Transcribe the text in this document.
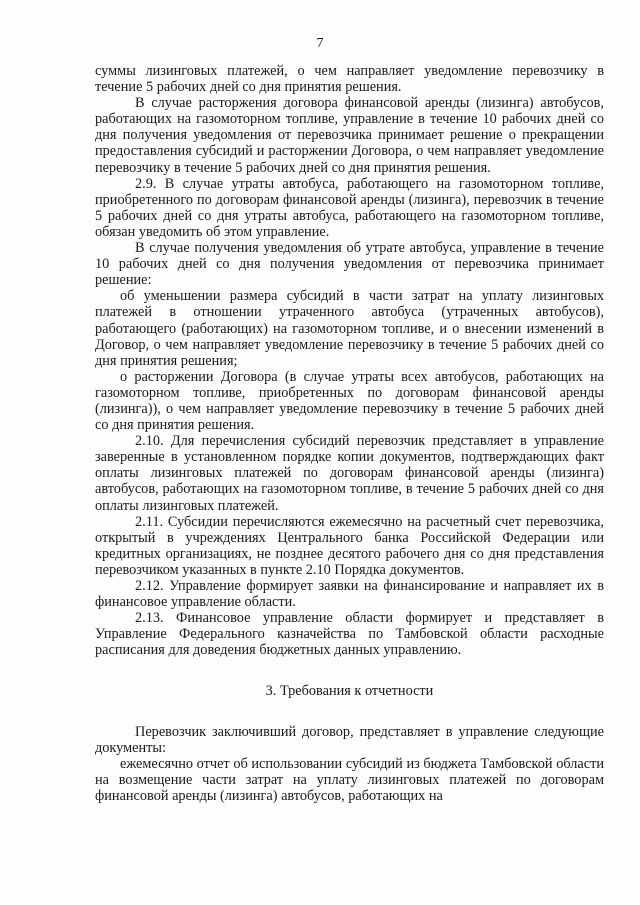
7

суммы лизинговых платежей, о чем направляет уведомление перевозчику в течение 5 рабочих дней со дня принятия решения.

В случае расторжения договора финансовой аренды (лизинга) автобусов, работающих на газомоторном топливе, управление в течение 10 рабочих дней со дня получения уведомления от перевозчика принимает решение о прекращении предоставления субсидий и расторжении Договора, о чем направляет уведомление перевозчику в течение 5 рабочих дней со дня принятия решения.

2.9. В случае утраты автобуса, работающего на газомоторном топливе, приобретенного по договорам финансовой аренды (лизинга), перевозчик в течение 5 рабочих дней со дня утраты автобуса, работающего на газомоторном топливе, обязан уведомить об этом управление.

В случае получения уведомления об утрате автобуса, управление в течение 10 рабочих дней со дня получения уведомления от перевозчика принимает решение:

об уменьшении размера субсидий в части затрат на уплату лизинговых платежей в отношении утраченного автобуса (утраченных автобусов), работающего (работающих) на газомоторном топливе, и о внесении изменений в Договор, о чем направляет уведомление перевозчику в течение 5 рабочих дней со дня принятия решения;

о расторжении Договора (в случае утраты всех автобусов, работающих на газомоторном топливе, приобретенных по договорам финансовой аренды (лизинга)), о чем направляет уведомление перевозчику в течение 5 рабочих дней со дня принятия решения.

2.10. Для перечисления субсидий перевозчик представляет в управление заверенные в установленном порядке копии документов, подтверждающих факт оплаты лизинговых платежей по договорам финансовой аренды (лизинга) автобусов, работающих на газомоторном топливе, в течение 5 рабочих дней со дня оплаты лизинговых платежей.

2.11. Субсидии перечисляются ежемесячно на расчетный счет перевозчика, открытый в учреждениях Центрального банка Российской Федерации или кредитных организациях, не позднее десятого рабочего дня со дня представления перевозчиком указанных в пункте 2.10 Порядка документов.

2.12. Управление формирует заявки на финансирование и направляет их в финансовое управление области.

2.13. Финансовое управление области формирует и представляет в Управление Федерального казначейства по Тамбовской области расходные расписания для доведения бюджетных данных управлению.

3. Требования к отчетности

Перевозчик заключивший договор, представляет в управление следующие документы:

ежемесячно отчет об использовании субсидий из бюджета Тамбовской области на возмещение части затрат на уплату лизинговых платежей по договорам финансовой аренды (лизинга) автобусов, работающих на
